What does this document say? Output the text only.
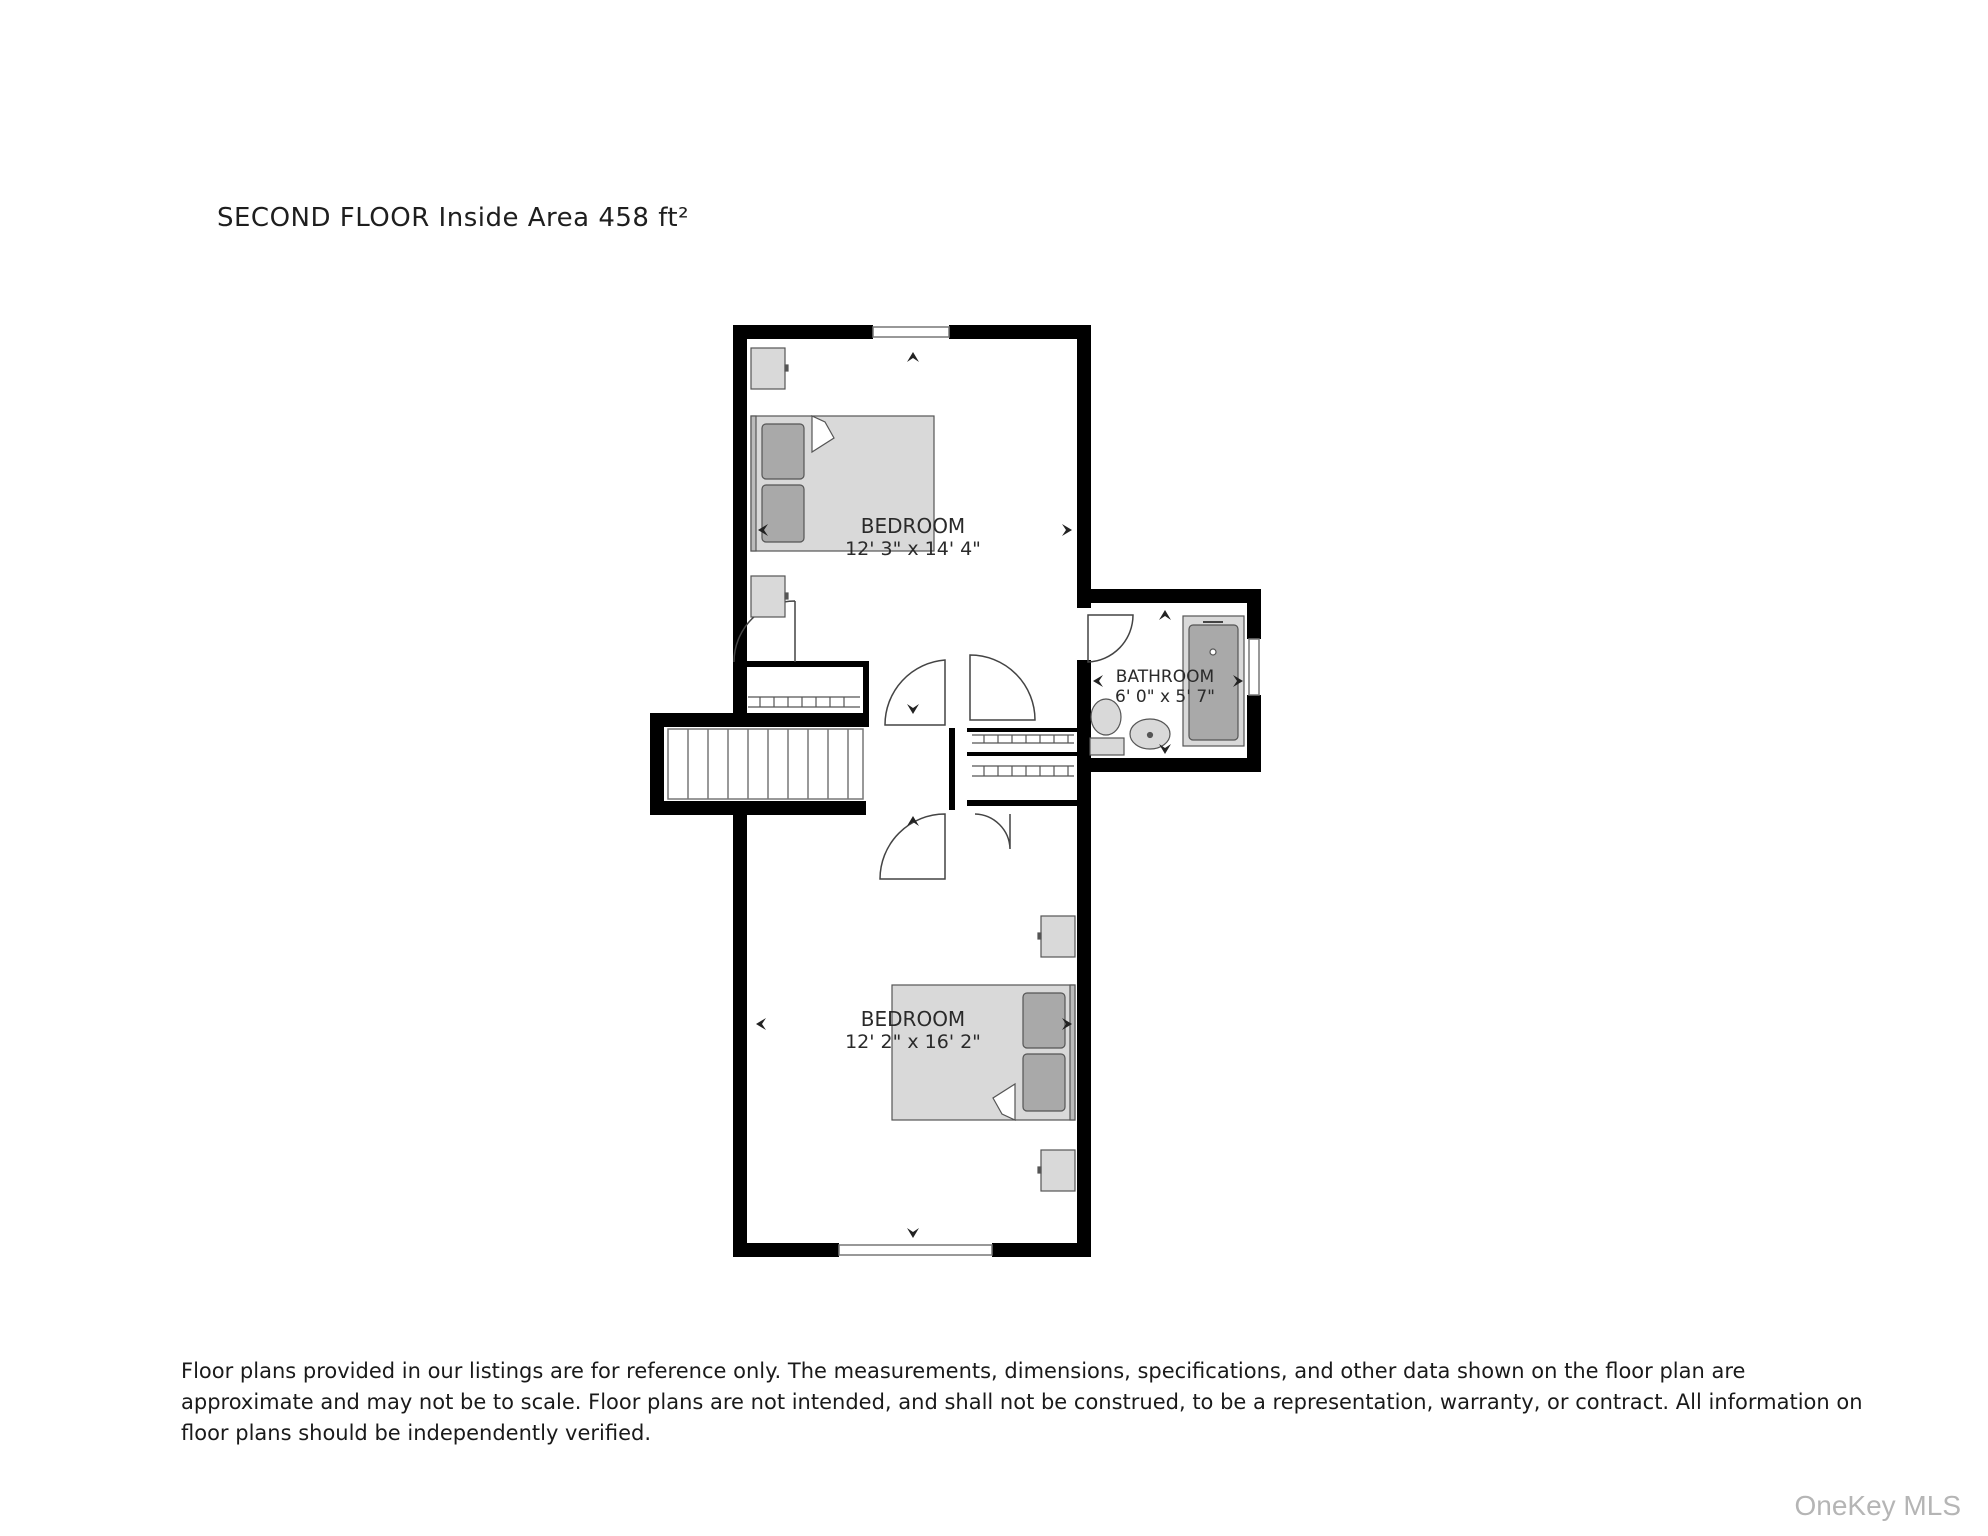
SECOND FLOOR Inside Area 458 ft²
BEDROOM
12' 3" x 14' 4"
BATHROOM
6' 0" x 5' 7"
BEDROOM
12' 2" x 16' 2"
Floor plans provided in our listings are for reference only. The measurements, dimensions, specifications, and other data shown on the floor plan are
approximate and may not be to scale. Floor plans are not intended, and shall not be construed, to be a representation, warranty, or contract. All information on
floor plans should be independently verified.
OneKey MLS
